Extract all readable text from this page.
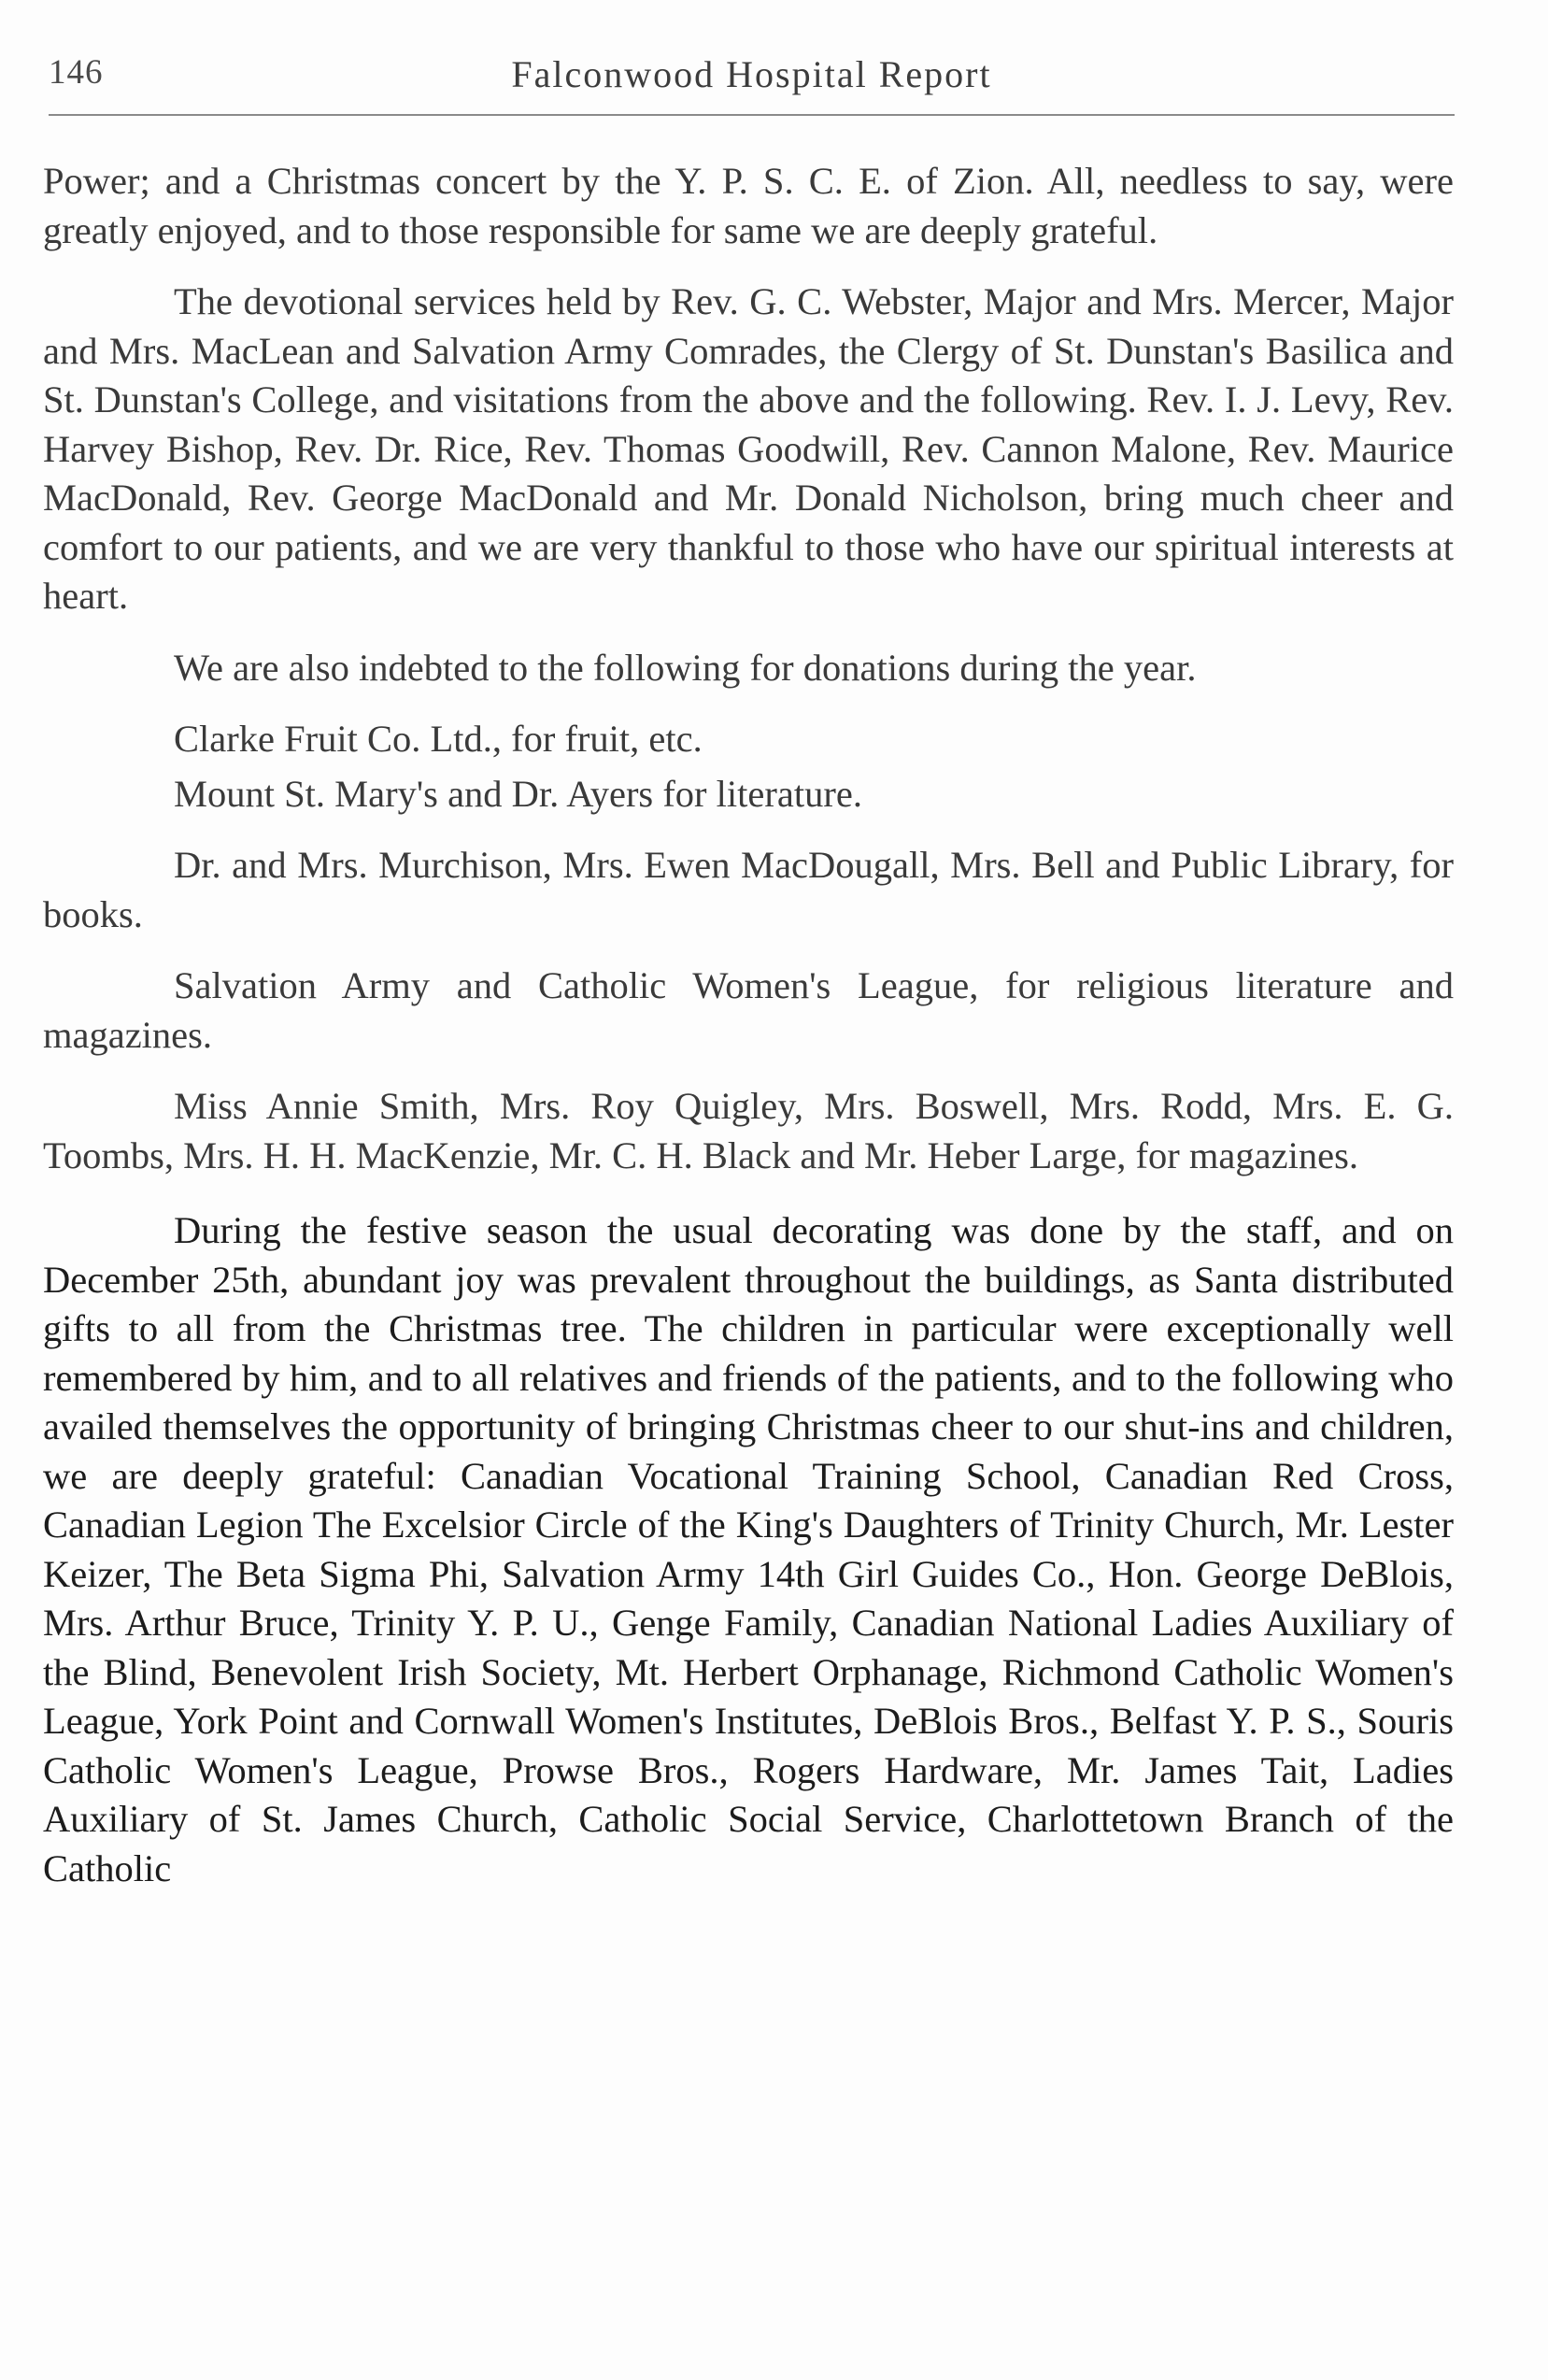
146	Falconwood Hospital Report

Power; and a Christmas concert by the Y. P. S. C. E. of Zion. All, needless to say, were greatly enjoyed, and to those responsible for same we are deeply grateful.

The devotional services held by Rev. G. C. Webster, Major and Mrs. Mercer, Major and Mrs. MacLean and Salvation Army Comrades, the Clergy of St. Dunstan's Basilica and St. Dunstan's College, and visitations from the above and the following. Rev. I. J. Levy, Rev. Harvey Bishop, Rev. Dr. Rice, Rev. Thomas Goodwill, Rev. Cannon Malone, Rev. Maurice MacDonald, Rev. George MacDonald and Mr. Donald Nicholson, bring much cheer and comfort to our patients, and we are very thankful to those who have our spiritual interests at heart.

We are also indebted to the following for donations during the year.

Clarke Fruit Co. Ltd., for fruit, etc.

Mount St. Mary's and Dr. Ayers for literature.

Dr. and Mrs. Murchison, Mrs. Ewen MacDougall, Mrs. Bell and Public Library, for books.

Salvation Army and Catholic Women's League, for religious literature and magazines.

Miss Annie Smith, Mrs. Roy Quigley, Mrs. Boswell, Mrs. Rodd, Mrs. E. G. Toombs, Mrs. H. H. MacKenzie, Mr. C. H. Black and Mr. Heber Large, for magazines.

During the festive season the usual decorating was done by the staff, and on December 25th, abundant joy was prevalent throughout the buildings, as Santa distributed gifts to all from the Christmas tree. The children in particular were exceptionally well remembered by him, and to all relatives and friends of the patients, and to the following who availed themselves the opportunity of bringing Christmas cheer to our shut-ins and children, we are deeply grateful: Canadian Vocational Training School, Canadian Red Cross, Canadian Legion The Excelsior Circle of the King's Daughters of Trinity Church, Mr. Lester Keizer, The Beta Sigma Phi, Salvation Army 14th Girl Guides Co., Hon. George DeBlois, Mrs. Arthur Bruce, Trinity Y. P. U., Genge Family, Canadian National Ladies Auxiliary of the Blind, Benevolent Irish Society, Mt. Herbert Orphanage, Richmond Catholic Women's League, York Point and Cornwall Women's Institutes, DeBlois Bros., Belfast Y. P. S., Souris Catholic Women's League, Prowse Bros., Rogers Hardware, Mr. James Tait, Ladies Auxiliary of St. James Church, Catholic Social Service, Charlottetown Branch of the Catholic
